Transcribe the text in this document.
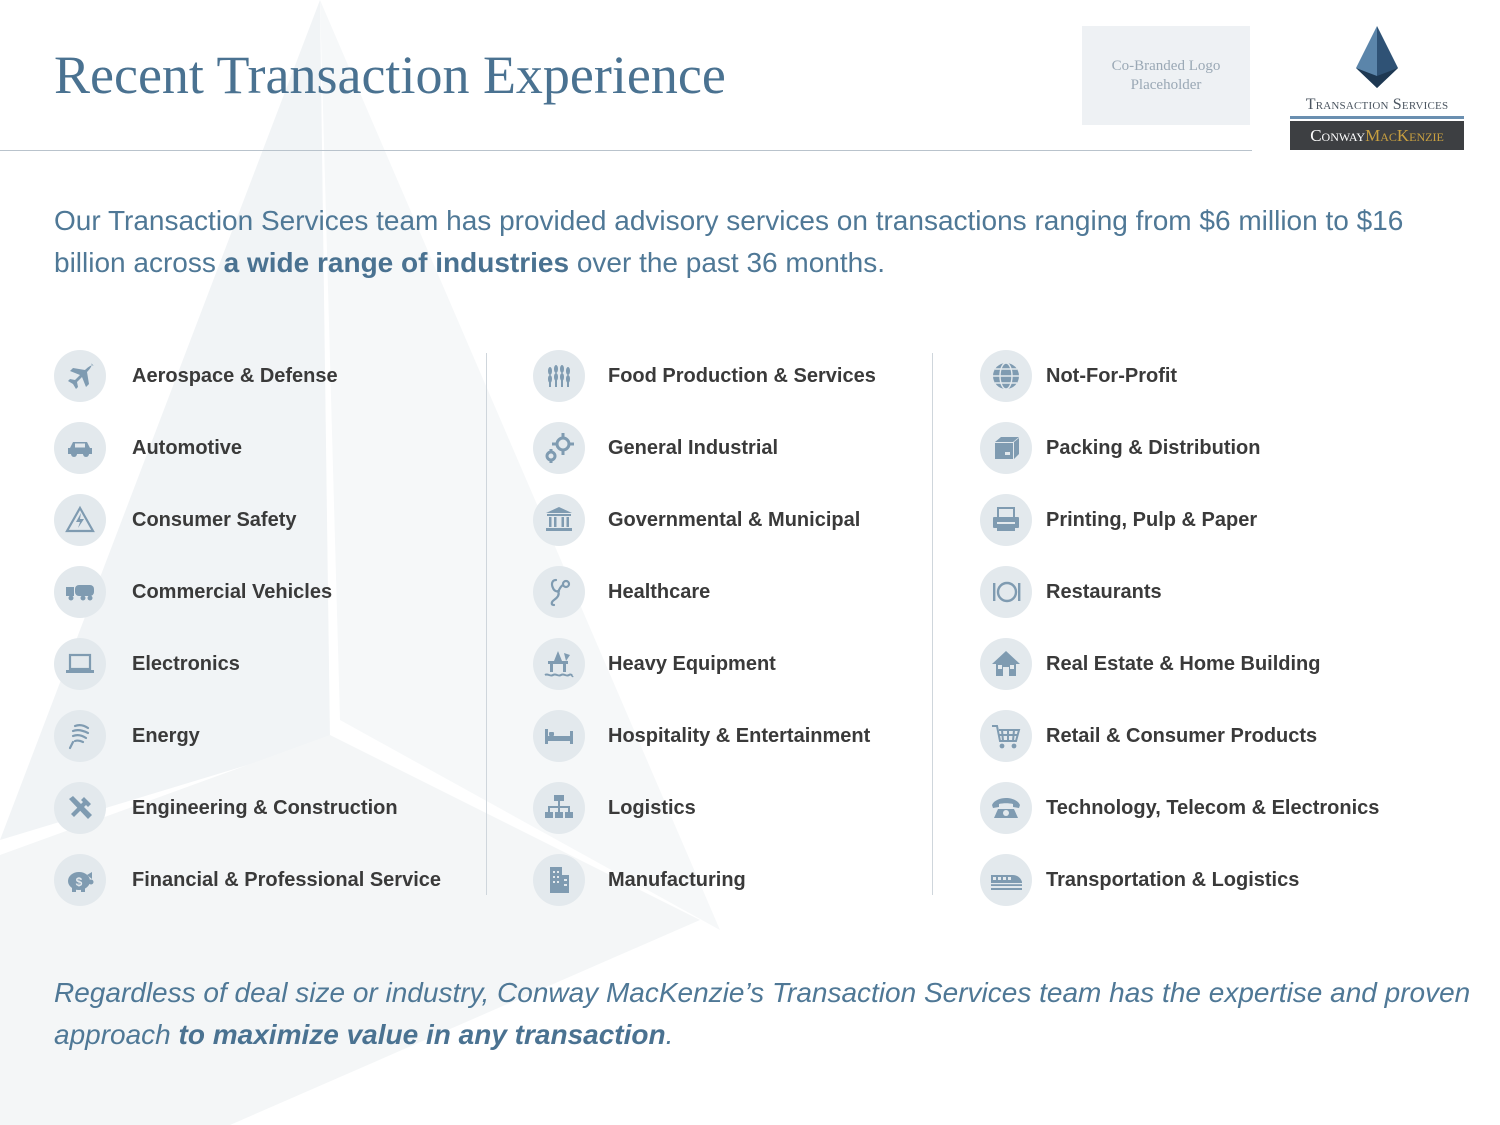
Recent Transaction Experience	Co-Branded Logo
Placeholder
Transaction Services
Conway MacKenzie

Our Transaction Services team has provided advisory services on transactions ranging from $6 million to $16 billion across a wide range of industries over the past 36 months.

Aerospace & Defense
Automotive
Consumer Safety
Commercial Vehicles
Electronics
Energy
Engineering & Construction
$ Financial & Professional Service
Food Production & Services
General Industrial
Governmental & Municipal
Healthcare
Heavy Equipment
Hospitality & Entertainment
Logistics
Manufacturing
Not-For-Profit
Packing & Distribution
Printing, Pulp & Paper
Restaurants
Real Estate & Home Building
Retail & Consumer Products
Technology, Telecom & Electronics
Transportation & Logistics

Regardless of deal size or industry, Conway MacKenzie’s Transaction Services team has the expertise and proven approach to maximize value in any transaction.
